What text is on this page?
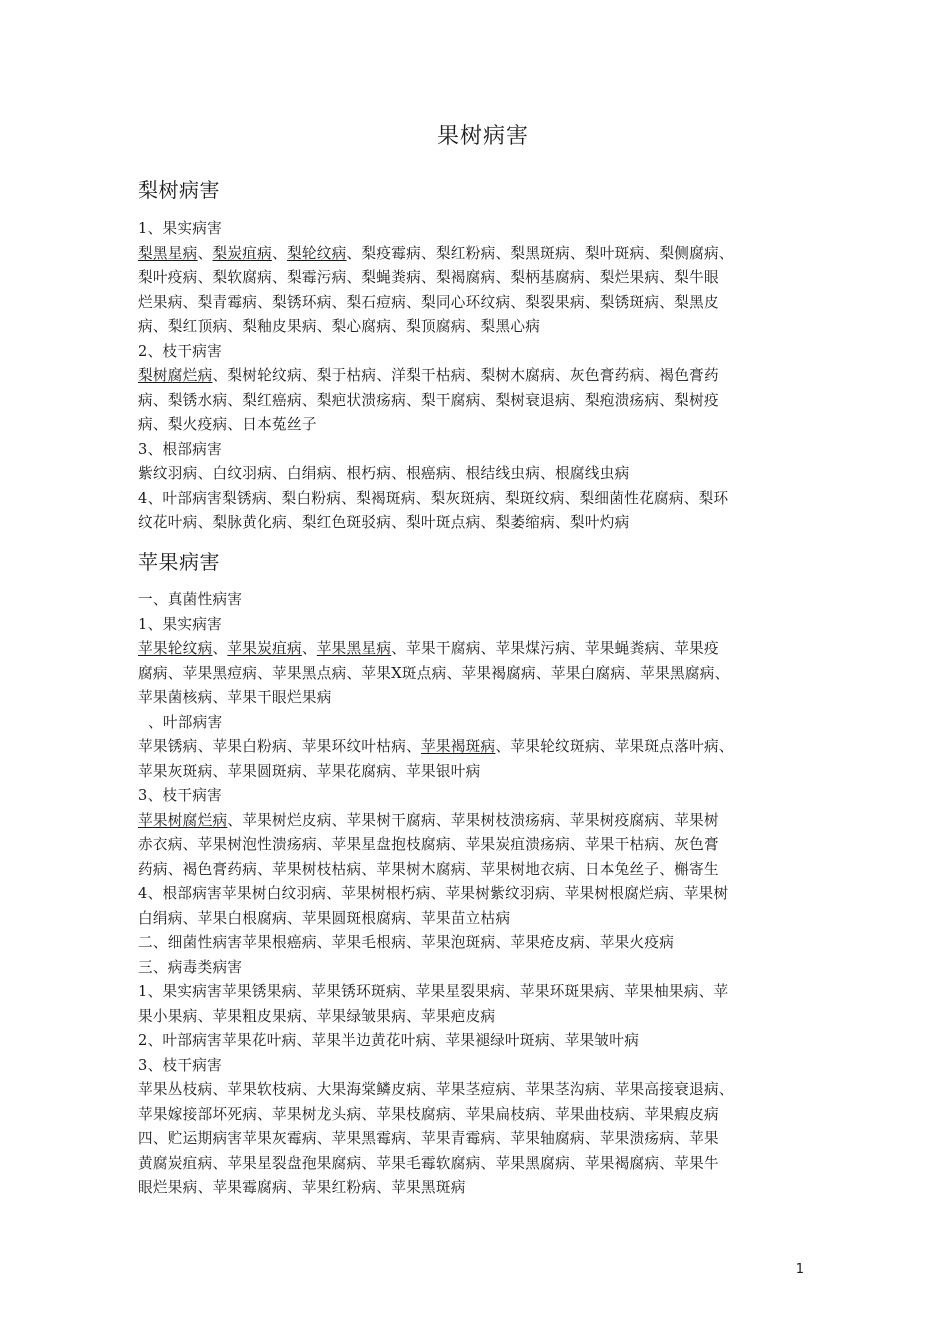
果树病害
梨树病害
1、果实病害
梨黑星病、梨炭疽病、梨轮纹病、梨疫霉病、梨红粉病、梨黑斑病、梨叶斑病、梨侧腐病、
梨叶疫病、梨软腐病、梨霉污病、梨蝇粪病、梨褐腐病、梨柄基腐病、梨烂果病、梨牛眼
烂果病、梨青霉病、梨锈环病、梨石痘病、梨同心环纹病、梨裂果病、梨锈斑病、梨黑皮
病、梨红顶病、梨釉皮果病、梨心腐病、梨顶腐病、梨黑心病
2、枝干病害
梨树腐烂病、梨树轮纹病、梨于枯病、洋梨干枯病、梨树木腐病、灰色膏药病、褐色膏药
病、梨锈水病、梨红癌病、梨疤状溃疡病、梨干腐病、梨树衰退病、梨疱溃疡病、梨树疫
病、梨火疫病、日本菟丝子
3、根部病害
紫纹羽病、白纹羽病、白绢病、根朽病、根癌病、根结线虫病、根腐线虫病
4、叶部病害梨锈病、梨白粉病、梨褐斑病、梨灰斑病、梨斑纹病、梨细菌性花腐病、梨环
纹花叶病、梨脉黄化病、梨红色斑驳病、梨叶斑点病、梨萎缩病、梨叶灼病
苹果病害
一、真菌性病害
1、果实病害
苹果轮纹病、苹果炭疽病、苹果黑星病、苹果干腐病、苹果煤污病、苹果蝇粪病、苹果疫
腐病、苹果黑痘病、苹果黑点病、苹果X斑点病、苹果褐腐病、苹果白腐病、苹果黑腐病、
苹果菌核病、苹果干眼烂果病
、叶部病害
苹果锈病、苹果白粉病、苹果环纹叶枯病、苹果褐斑病、苹果轮纹斑病、苹果斑点落叶病、
苹果灰斑病、苹果圆斑病、苹果花腐病、苹果银叶病
3、枝干病害
苹果树腐烂病、苹果树烂皮病、苹果树干腐病、苹果树枝溃疡病、苹果树疫腐病、苹果树
赤衣病、苹果树泡性溃疡病、苹果星盘抱枝腐病、苹果炭疽溃疡病、苹果干枯病、灰色膏
药病、褐色膏药病、苹果树枝枯病、苹果树木腐病、苹果树地衣病、日本兔丝子、槲寄生
4、根部病害苹果树白纹羽病、苹果树根朽病、苹果树紫纹羽病、苹果树根腐烂病、苹果树
白绢病、苹果白根腐病、苹果圆斑根腐病、苹果苗立枯病
二、细菌性病害苹果根癌病、苹果毛根病、苹果泡斑病、苹果疮皮病、苹果火疫病
三、病毒类病害
1、果实病害苹果锈果病、苹果锈环斑病、苹果星裂果病、苹果环斑果病、苹果柚果病、苹
果小果病、苹果粗皮果病、苹果绿皱果病、苹果疤皮病
2、叶部病害苹果花叶病、苹果半边黄花叶病、苹果褪绿叶斑病、苹果皱叶病
3、枝干病害
苹果丛枝病、苹果软枝病、大果海棠鳞皮病、苹果茎痘病、苹果茎沟病、苹果高接衰退病、
苹果嫁接部坏死病、苹果树龙头病、苹果枝腐病、苹果扁枝病、苹果曲枝病、苹果瘕皮病
四、贮运期病害苹果灰霉病、苹果黑霉病、苹果青霉病、苹果轴腐病、苹果溃疡病、苹果
黄腐炭疽病、苹果星裂盘孢果腐病、苹果毛霉软腐病、苹果黑腐病、苹果褐腐病、苹果牛
眼烂果病、苹果霉腐病、苹果红粉病、苹果黑斑病
1
